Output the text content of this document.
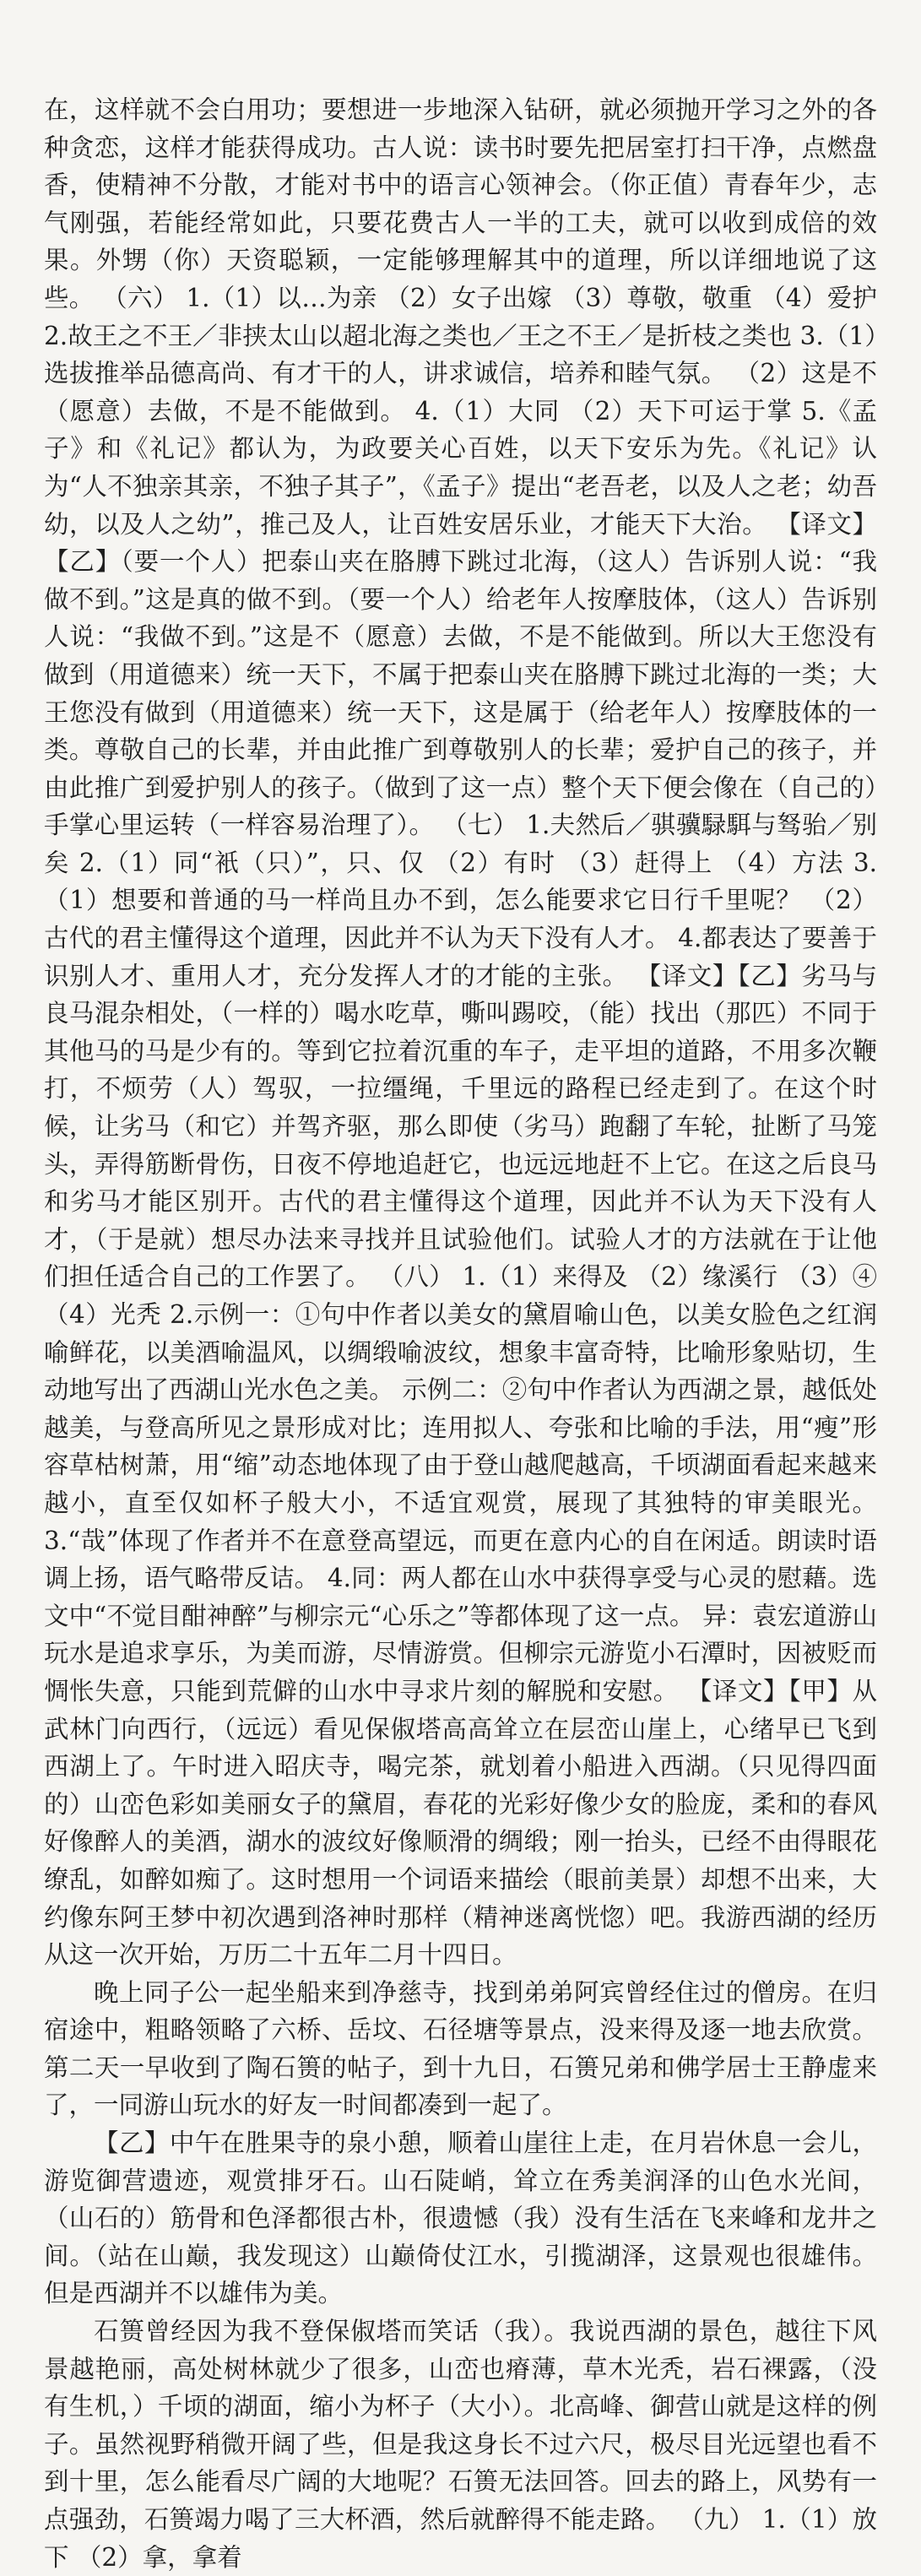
在，这样就不会白用功；要想进一步地深入钻研，就必须抛开学习之外的各种贪恋，这样才能获得成功。古人说：读书时要先把居室打扫干净，点燃盘香，使精神不分散，才能对书中的语言心领神会。（你正值）青春年少，志气刚强，若能经常如此，只要花费古人一半的工夫，就可以收到成倍的效果。外甥（你）天资聪颖，一定能够理解其中的道理，所以详细地说了这些。 （六） 1.（1）以…为亲 （2）女子出嫁 （3）尊敬，敬重 （4）爱护 2.故王之不王／非挟太山以超北海之类也／王之不王／是折枝之类也 3.（1）选拔推举品德高尚、有才干的人，讲求诚信，培养和睦气氛。 （2）这是不（愿意）去做，不是不能做到。 4.（1）大同 （2）天下可运于掌 5.《孟子》和《礼记》都认为，为政要关心百姓，以天下安乐为先。《礼记》认为“人不独亲其亲，不独子其子”，《孟子》提出“老吾老，以及人之老；幼吾幼，以及人之幼”，推己及人，让百姓安居乐业，才能天下大治。 【译文】【乙】（要一个人）把泰山夹在胳膊下跳过北海，（这人）告诉别人说：“我做不到。”这是真的做不到。（要一个人）给老年人按摩肢体，（这人）告诉别人说：“我做不到。”这是不（愿意）去做，不是不能做到。所以大王您没有做到（用道德来）统一天下，不属于把泰山夹在胳膊下跳过北海的一类；大王您没有做到（用道德来）统一天下，这是属于（给老年人）按摩肢体的一类。尊敬自己的长辈，并由此推广到尊敬别人的长辈；爱护自己的孩子，并由此推广到爱护别人的孩子。（做到了这一点）整个天下便会像在（自己的）手掌心里运转（一样容易治理了）。 （七） 1.夫然后／骐骥騄駬与驽骀／别矣 2.（1）同“衹（只）”，只、仅 （2）有时 （3）赶得上 （4）方法 3.（1）想要和普通的马一样尚且办不到，怎么能要求它日行千里呢？ （2）古代的君主懂得这个道理，因此并不认为天下没有人才。 4.都表达了要善于识别人才、重用人才，充分发挥人才的才能的主张。 【译文】【乙】劣马与良马混杂相处，（一样的）喝水吃草，嘶叫踢咬，（能）找出（那匹）不同于其他马的马是少有的。等到它拉着沉重的车子，走平坦的道路，不用多次鞭打，不烦劳（人）驾驭，一拉缰绳，千里远的路程已经走到了。在这个时候，让劣马（和它）并驾齐驱，那么即使（劣马）跑翻了车轮，扯断了马笼头，弄得筋断骨伤，日夜不停地追赶它，也远远地赶不上它。在这之后良马和劣马才能区别开。古代的君主懂得这个道理，因此并不认为天下没有人才，（于是就）想尽办法来寻找并且试验他们。试验人才的方法就在于让他们担任适合自己的工作罢了。 （八） 1.（1）来得及 （2）缘溪行 （3）④ （4）光秃 2.示例一：①句中作者以美女的黛眉喻山色，以美女脸色之红润喻鲜花，以美酒喻温风，以绸缎喻波纹，想象丰富奇特，比喻形象贴切，生动地写出了西湖山光水色之美。 示例二：②句中作者认为西湖之景，越低处越美，与登高所见之景形成对比；连用拟人、夸张和比喻的手法，用“瘦”形容草枯树萧，用“缩”动态地体现了由于登山越爬越高，千顷湖面看起来越来越小，直至仅如杯子般大小，不适宜观赏，展现了其独特的审美眼光。 3.“哉”体现了作者并不在意登高望远，而更在意内心的自在闲适。朗读时语调上扬，语气略带反诘。 4.同：两人都在山水中获得享受与心灵的慰藉。选文中“不觉目酣神醉”与柳宗元“心乐之”等都体现了这一点。 异：袁宏道游山玩水是追求享乐，为美而游，尽情游赏。但柳宗元游览小石潭时，因被贬而惆怅失意，只能到荒僻的山水中寻求片刻的解脱和安慰。 【译文】【甲】从武林门向西行，（远远）看见保俶塔高高耸立在层峦山崖上，心绪早已飞到西湖上了。午时进入昭庆寺，喝完茶，就划着小船进入西湖。（只见得四面的）山峦色彩如美丽女子的黛眉，春花的光彩好像少女的脸庞，柔和的春风好像醉人的美酒，湖水的波纹好像顺滑的绸缎；刚一抬头，已经不由得眼花缭乱，如醉如痴了。这时想用一个词语来描绘（眼前美景）却想不出来，大约像东阿王梦中初次遇到洛神时那样（精神迷离恍惚）吧。我游西湖的经历从这一次开始，万历二十五年二月十四日。

晚上同子公一起坐船来到净慈寺，找到弟弟阿宾曾经住过的僧房。在归宿途中，粗略领略了六桥、岳坟、石径塘等景点，没来得及逐一地去欣赏。第二天一早收到了陶石篑的帖子，到十九日，石篑兄弟和佛学居士王静虚来了，一同游山玩水的好友一时间都凑到一起了。

【乙】中午在胜果寺的泉小憩，顺着山崖往上走，在月岩休息一会儿，游览御营遗迹，观赏排牙石。山石陡峭，耸立在秀美润泽的山色水光间，（山石的）筋骨和色泽都很古朴，很遗憾（我）没有生活在飞来峰和龙井之间。（站在山巅，我发现这）山巅倚仗江水，引揽湖泽，这景观也很雄伟。但是西湖并不以雄伟为美。

石篑曾经因为我不登保俶塔而笑话（我）。我说西湖的景色，越往下风景越艳丽，高处树林就少了很多，山峦也瘠薄，草木光秃，岩石裸露，（没有生机，）千顷的湖面，缩小为杯子（大小）。北高峰、御营山就是这样的例子。虽然视野稍微开阔了些，但是我这身长不过六尺，极尽目光远望也看不到十里，怎么能看尽广阔的大地呢？石篑无法回答。回去的路上，风势有一点强劲，石篑竭力喝了三大杯酒，然后就醉得不能走路。 （九） 1.（1）放下 （2）拿，拿着
